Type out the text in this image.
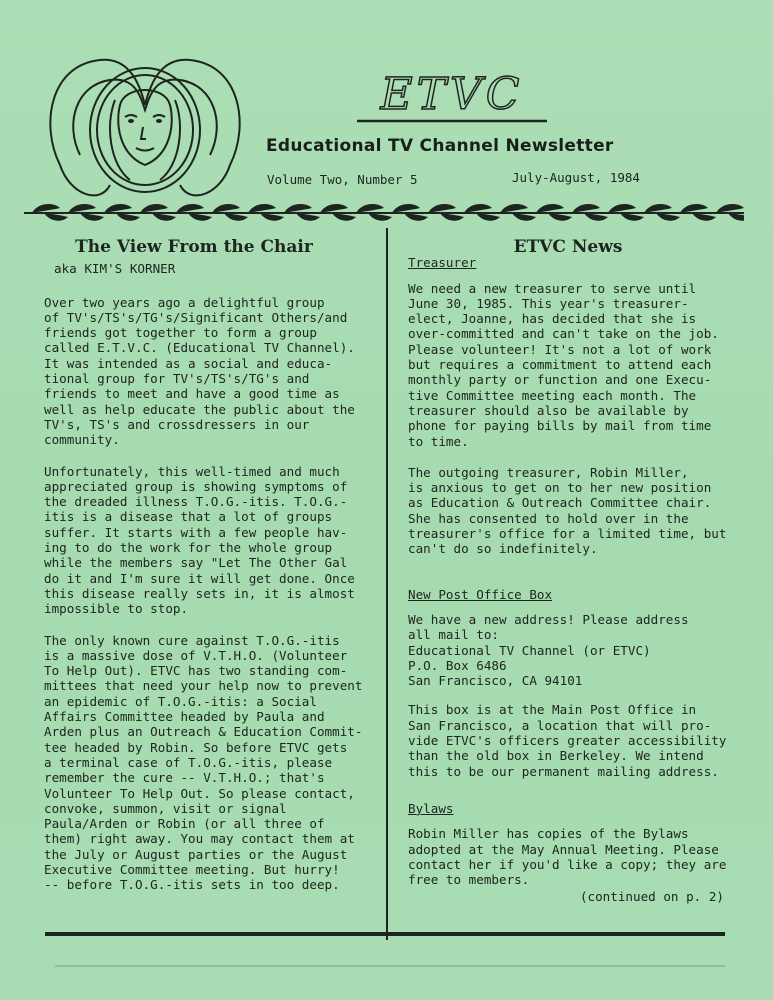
ETVC
Educational TV Channel Newsletter
Volume Two, Number 5	July-August, 1984
The View From the Chair
aka KIM'S KORNER

Over two years ago a delightful group
of TV's/TS's/TG's/Significant Others/and
friends got together to form a group
called E.T.V.C. (Educational TV Channel).
It was intended as a social and educa-
tional group for TV's/TS's/TG's and
friends to meet and have a good time as
well as help educate the public about the
TV's, TS's and crossdressers in our
community.

Unfortunately, this well-timed and much
appreciated group is showing symptoms of
the dreaded illness T.O.G.-itis. T.O.G.-
itis is a disease that a lot of groups
suffer. It starts with a few people hav-
ing to do the work for the whole group
while the members say "Let The Other Gal
do it and I'm sure it will get done. Once
this disease really sets in, it is almost
impossible to stop.

The only known cure against T.O.G.-itis
is a massive dose of V.T.H.O. (Volunteer
To Help Out). ETVC has two standing com-
mittees that need your help now to prevent
an epidemic of T.O.G.-itis: a Social
Affairs Committee headed by Paula and
Arden plus an Outreach & Education Commit-
tee headed by Robin. So before ETVC gets
a terminal case of T.O.G.-itis, please
remember the cure -- V.T.H.O.; that's
Volunteer To Help Out. So please contact,
convoke, summon, visit or signal
Paula/Arden or Robin (or all three of
them) right away. You may contact them at
the July or August parties or the August
Executive Committee meeting. But hurry!
-- before T.O.G.-itis sets in too deep.

ETVC News
Treasurer

We need a new treasurer to serve until
June 30, 1985. This year's treasurer-
elect, Joanne, has decided that she is
over-committed and can't take on the job.
Please volunteer! It's not a lot of work
but requires a commitment to attend each
monthly party or function and one Execu-
tive Committee meeting each month. The
treasurer should also be available by
phone for paying bills by mail from time
to time.

The outgoing treasurer, Robin Miller,
is anxious to get on to her new position
as Education & Outreach Committee chair.
She has consented to hold over in the
treasurer's office for a limited time, but
can't do so indefinitely.

New Post Office Box
We have a new address! Please address
all mail to:
Educational TV Channel (or ETVC)
P.O. Box 6486
San Francisco, CA 94101

This box is at the Main Post Office in
San Francisco, a location that will pro-
vide ETVC's officers greater accessibility
than the old box in Berkeley. We intend
this to be our permanent mailing address.

Bylaws

Robin Miller has copies of the Bylaws
adopted at the May Annual Meeting. Please
contact her if you'd like a copy; they are
free to members.

(continued on p. 2)
